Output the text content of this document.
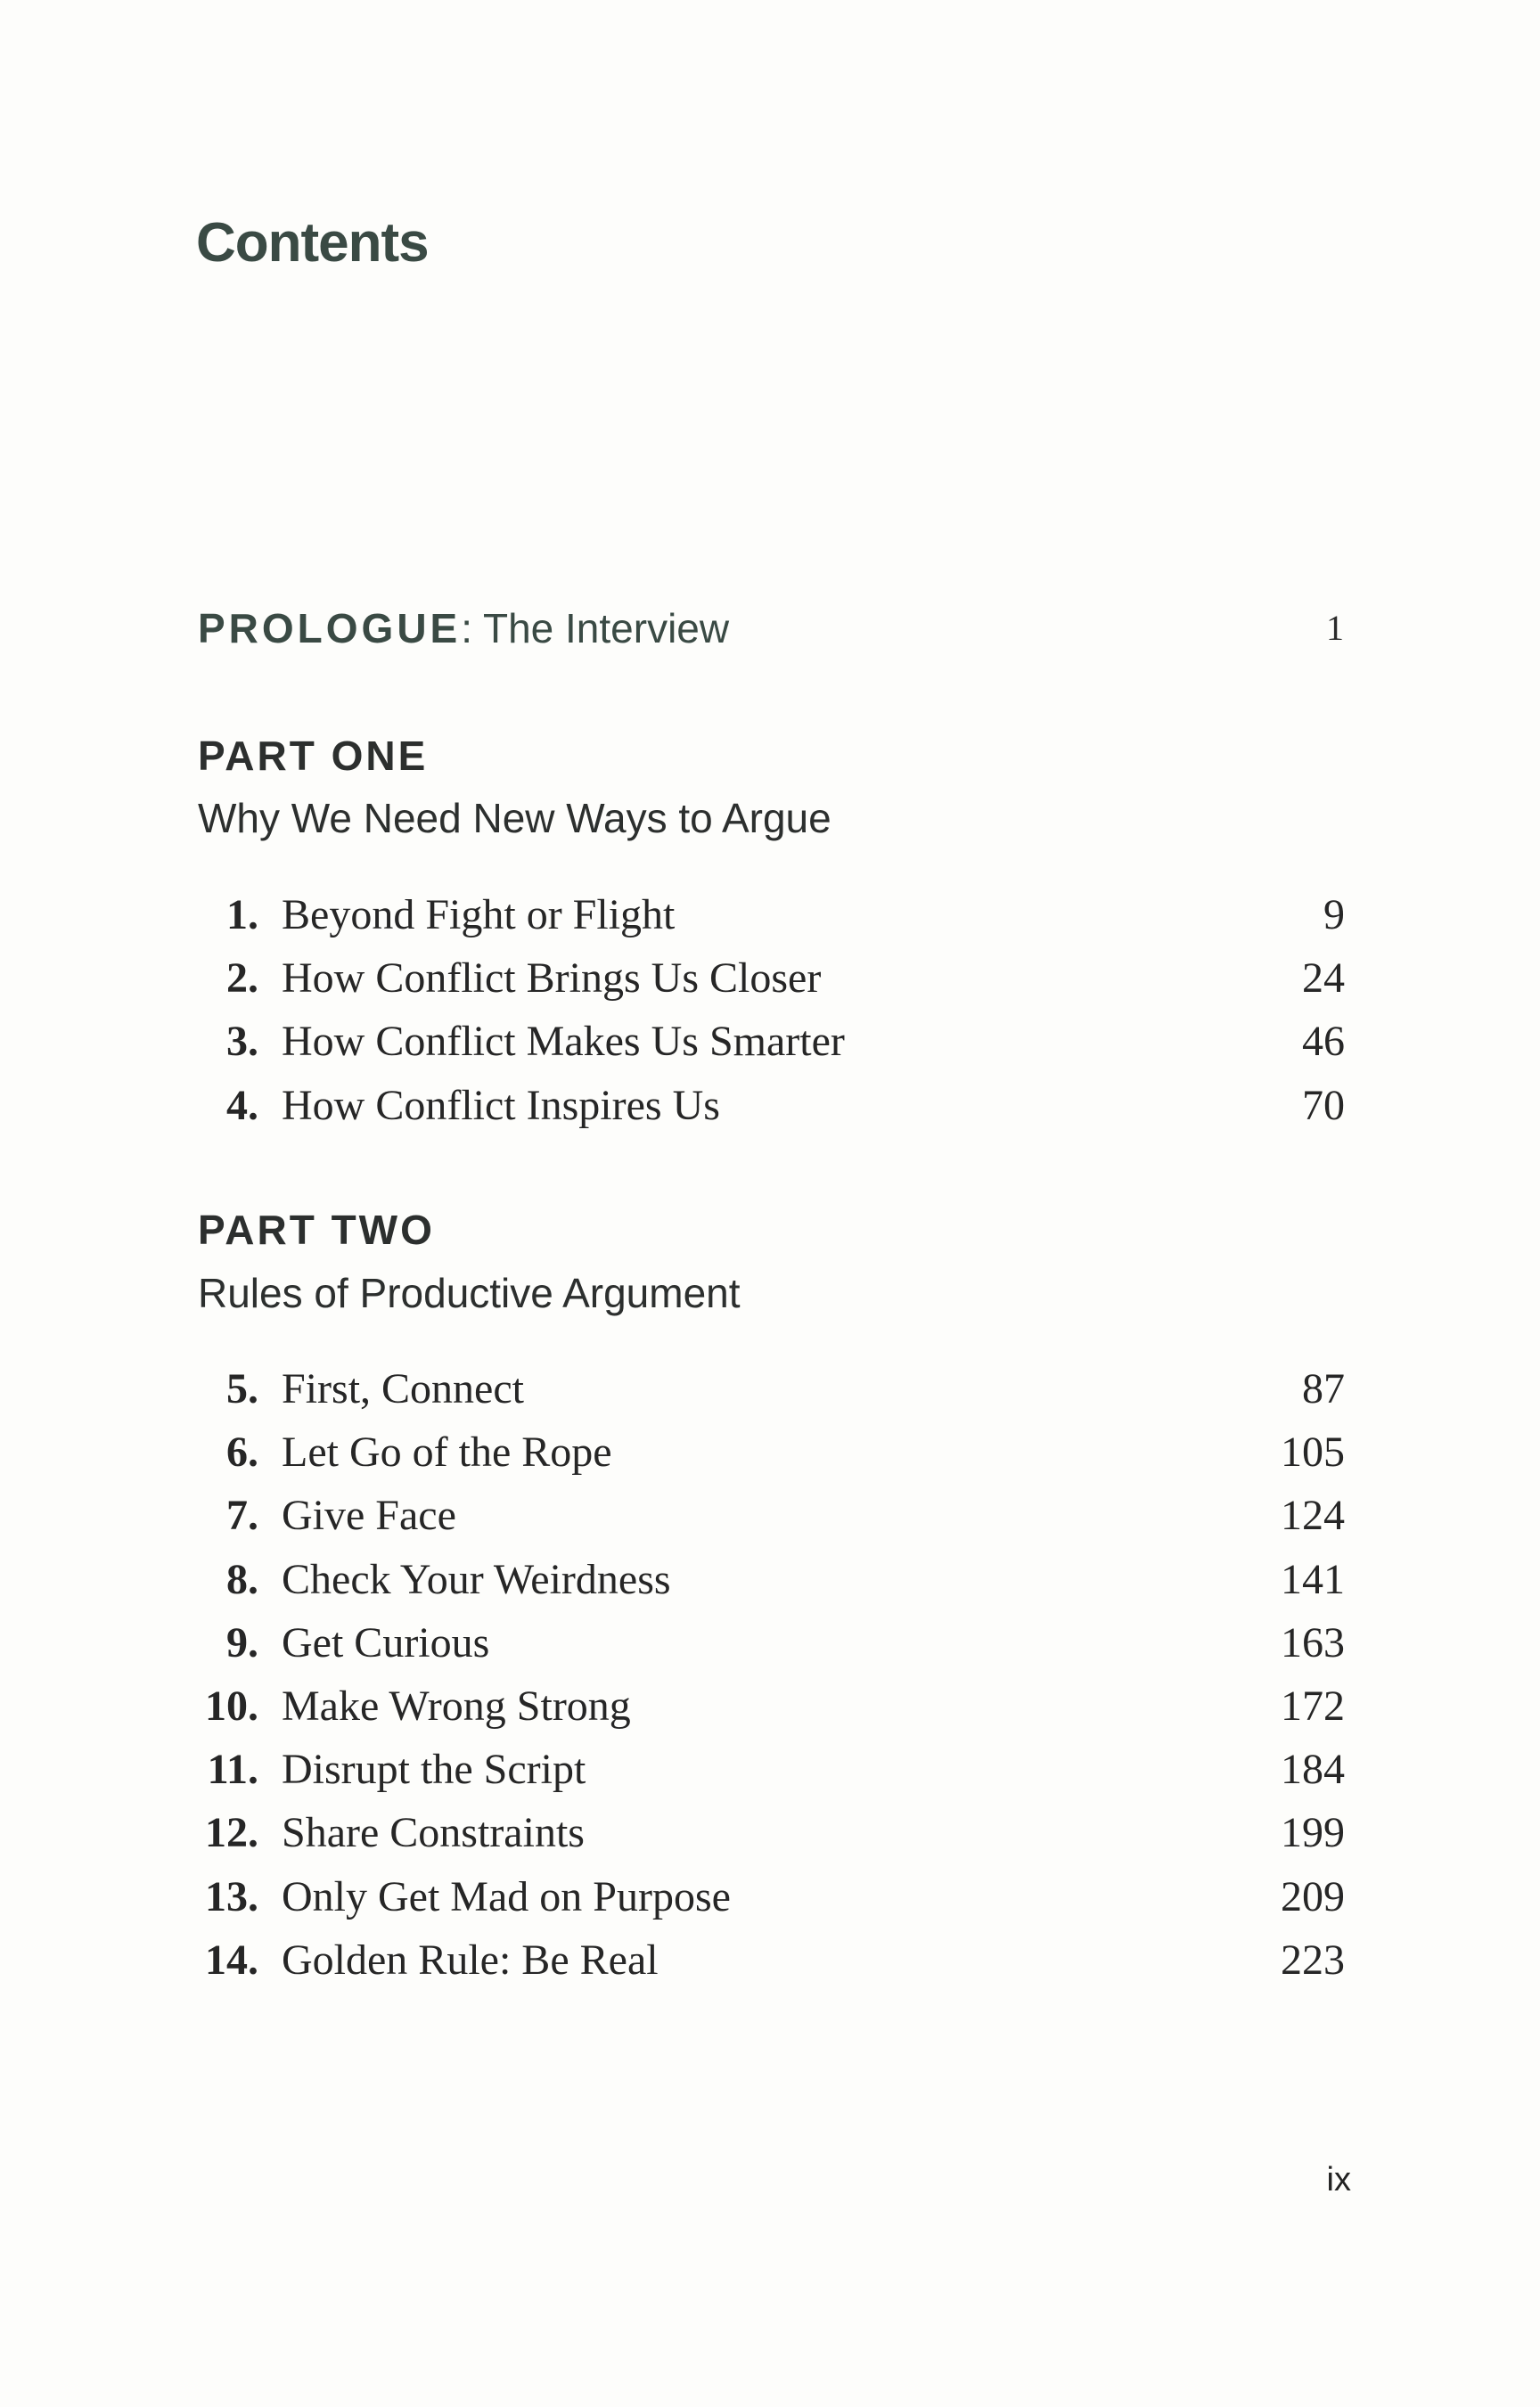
Contents
PROLOGUE: The Interview	1
PART ONE
Why We Need New Ways to Argue
PART TWO
Rules of Productive Argument
1. Beyond Fight or Flight	9
2. How Conflict Brings Us Closer	24
3. How Conflict Makes Us Smarter	46
4. How Conflict Inspires Us	70
5. First, Connect	87
6. Let Go of the Rope	105
7. Give Face	124
8. Check Your Weirdness	141
9. Get Curious	163
10. Make Wrong Strong	172
11. Disrupt the Script	184
12. Share Constraints	199
13. Only Get Mad on Purpose	209
14. Golden Rule: Be Real	223
ix
